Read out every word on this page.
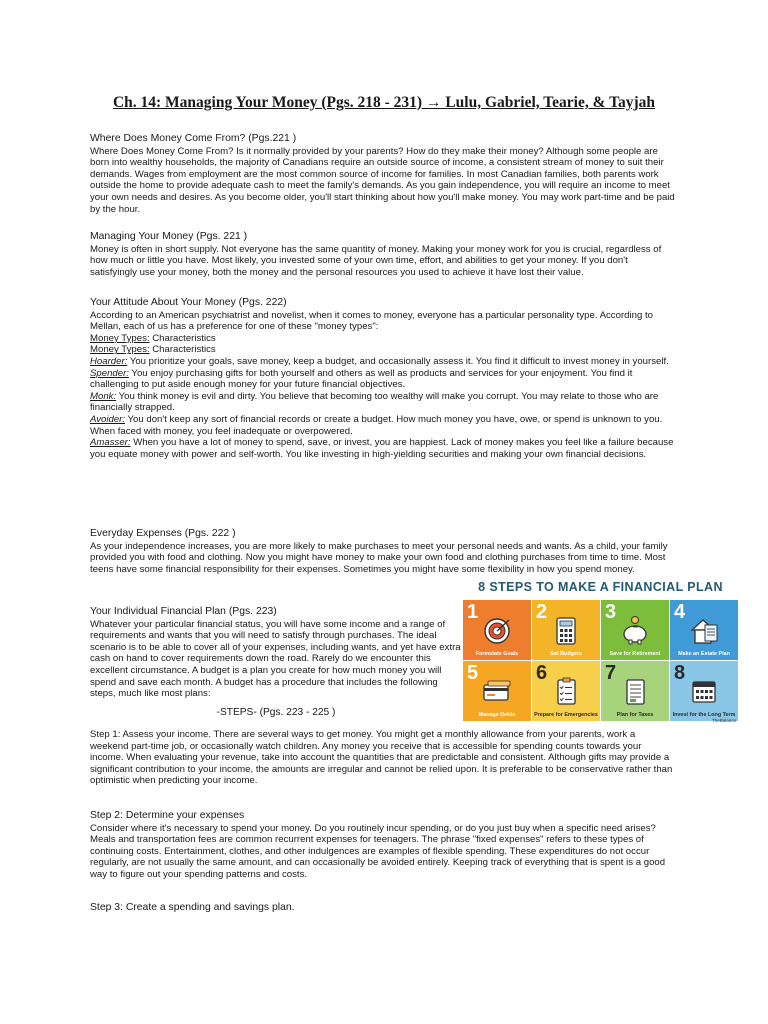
Ch. 14: Managing Your Money (Pgs. 218 - 231) → Lulu, Gabriel, Tearie, & Tayjah
Where Does Money Come From? (Pgs.221 )

Where Does Money Come From? Is it normally provided by your parents? How do they make their money? Although some people are born into wealthy households, the majority of Canadians require an outside source of income, a consistent stream of money to suit their demands. Wages from employment are the most common source of income for families. In most Canadian families, both parents work outside the home to provide adequate cash to meet the family's demands. As you gain independence, you will require an income to meet your own needs and desires. As you become older, you'll start thinking about how you'll make money. You may work part-time and be paid by the hour.

Managing Your Money (Pgs. 221 )

Money is often in short supply. Not everyone has the same quantity of money. Making your money work for you is crucial, regardless of how much or little you have. Most likely, you invested some of your own time, effort, and abilities to get your money. If you don't satisfyingly use your money, both the money and the personal resources you used to achieve it have lost their value.

Your Attitude About Your Money (Pgs. 222)

According to an American psychiatrist and novelist, when it comes to money, everyone has a particular personality type. According to Mellan, each of us has a preference for one of these "money types":

Money Types: Characteristics

Money Types: Characteristics

Hoarder: You prioritize your goals, save money, keep a budget, and occasionally assess it. You find it difficult to invest money in yourself.

Spender: You enjoy purchasing gifts for both yourself and others as well as products and services for your enjoyment. You find it challenging to put aside enough money for your future financial objectives.

Monk: You think money is evil and dirty. You believe that becoming too wealthy will make you corrupt. You may relate to those who are financially strapped.

Avoider: You don't keep any sort of financial records or create a budget. How much money you have, owe, or spend is unknown to you. When faced with money, you feel inadequate or overpowered.

Amasser: When you have a lot of money to spend, save, or invest, you are happiest. Lack of money makes you feel like a failure because you equate money with power and self-worth. You like investing in high-yielding securities and making your own financial decisions.

Everyday Expenses (Pgs. 222 )

As your independence increases, you are more likely to make purchases to meet your personal needs and wants. As a child, your family provided you with food and clothing. Now you might have money to make your own food and clothing purchases from time to time. Most teens have some financial responsibility for their expenses. Sometimes you might have some flexibility in how you spend money.

Your Individual Financial Plan (Pgs. 223)

Whatever your particular financial status, you will have some income and a range of requirements and wants that you will need to satisfy through purchases. The ideal scenario is to be able to cover all of your expenses, including wants, and yet have extra cash on hand to cover requirements down the road. Rarely do we encounter this excellent circumstance. A budget is a plan you create for how much money you will spend and save each month. A budget has a procedure that includes the following steps, much like most plans:

-STEPS- (Pgs. 223 - 225 )

Step 1: Assess your income. There are several ways to get money. You might get a monthly allowance from your parents, work a weekend part-time job, or occasionally watch children. Any money you receive that is accessible for spending counts towards your income. When evaluating your revenue, take into account the quantities that are predictable and consistent. Although gifts may provide a significant contribution to your income, the amounts are irregular and cannot be relied upon. It is preferable to be conservative rather than optimistic when predicting your income.

Step 2: Determine your expenses

Consider where it's necessary to spend your money. Do you routinely incur spending, or do you just buy when a specific need arises? Meals and transportation fees are common recurrent expenses for teenagers. The phrase "fixed expenses" refers to these types of continuing costs. Entertainment, clothes, and other indulgences are examples of flexible spending. These expenditures do not occur regularly, are not usually the same amount, and can occasionally be avoided entirely. Keeping track of everything that is spent is a good way to figure out your spending patterns and costs.

Step 3: Create a spending and savings plan.
8 STEPS TO MAKE A FINANCIAL PLAN
1
Formulate Goals
2
Set Budgets
3
Save for Retirement
4
Make an Estate Plan
5
Manage Debts
6
Prepare for Emergencies
7
Plan for Taxes
8
Invest for the Long Term
TheBalance
